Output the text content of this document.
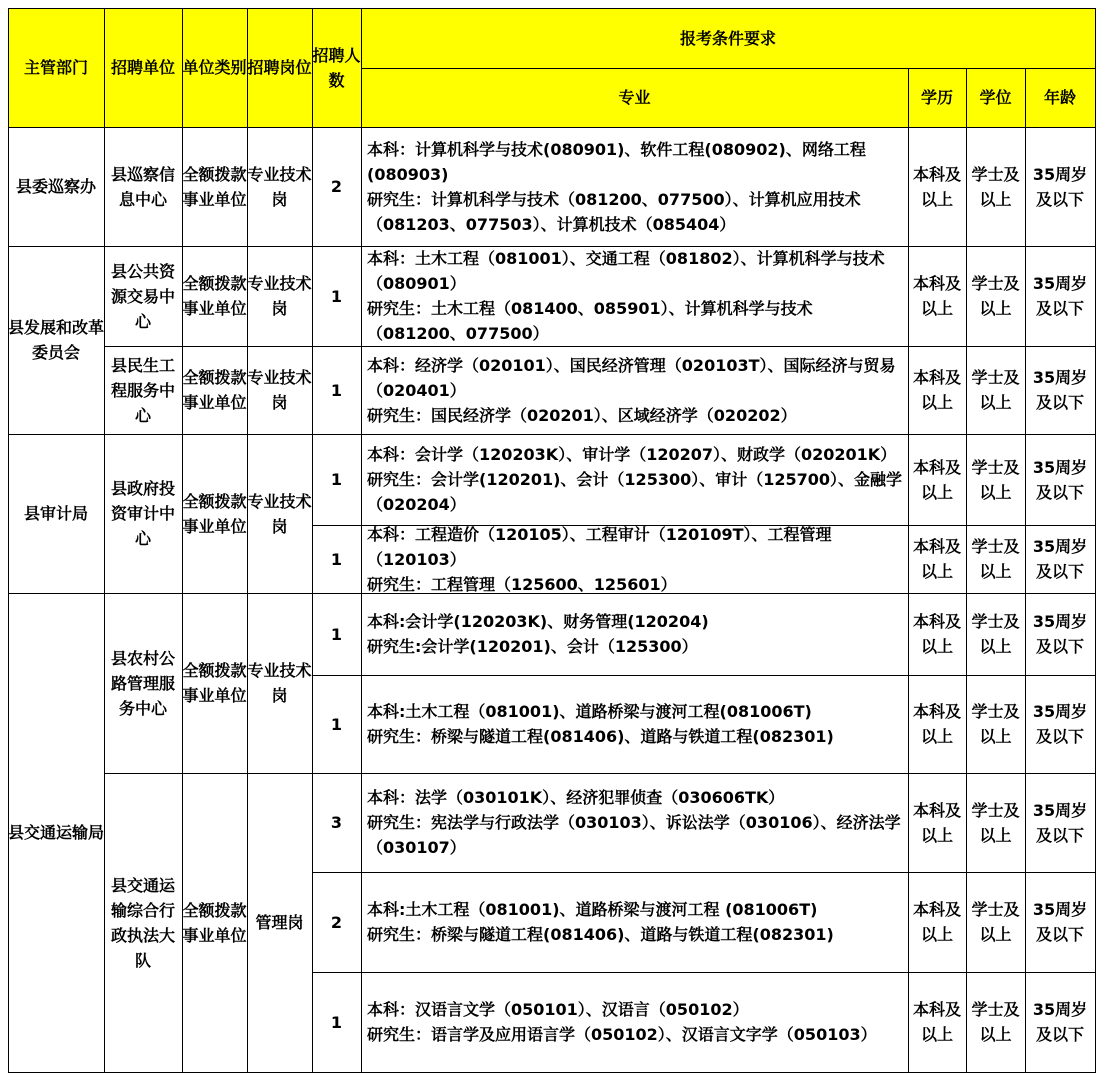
主管部门 招聘单位 单位类别 招聘岗位
招聘人数
报考条件要求
专业	学历 学位 年龄
县委巡察办
县发展和改革委员会
县审计局
县交通运输局
县巡察信息中心
县公共资源交易中心
县民生工程服务中心
县政府投资审计中心
县农村公路管理服务中心
县交通运输综合行政执法大队
全额拨款事业单位
全额拨款事业单位
全额拨款事业单位
全额拨款事业单位
全额拨款事业单位
全额拨款事业单位
专业技术岗
专业技术岗
专业技术岗
专业技术岗
专业技术岗
管理岗
2
本科：计算机科学与技术(080901)、软件工程(080902)、网络工程(080903)
研究生：计算机科学与技术（081200、077500）、计算机应用技术（081203、077503）、计算机技术（085404）
本科及以上
学士及以上
35周岁及以下
1
本科：土木工程（081001）、交通工程（081802）、计算机科学与技术（080901）
研究生：土木工程（081400、085901）、计算机科学与技术（081200、077500）
本科及以上
学士及以上
35周岁及以下
1
本科：经济学（020101）、国民经济管理（020103T）、国际经济与贸易（020401）
研究生：国民经济学（020201）、区域经济学（020202）
本科及以上
学士及以上
35周岁及以下
1
本科：会计学（120203K）、审计学（120207）、财政学（020201K）
研究生：会计学(120201)、会计（125300）、审计（125700）、金融学（020204）
本科及以上
学士及以上
35周岁及以下
1
本科：工程造价（120105）、工程审计（120109T）、工程管理（120103）
研究生：工程管理（125600、125601）
本科及以上
学士及以上
35周岁及以下
1
本科:会计学(120203K)、财务管理(120204)
研究生:会计学(120201)、会计（125300）
本科及以上
学士及以上
35周岁及以下
1
本科:土木工程（081001)、道路桥梁与渡河工程(081006T)
研究生：桥梁与隧道工程(081406)、道路与铁道工程(082301)
本科及以上
学士及以上
35周岁及以下
3
本科：法学（030101K）、经济犯罪侦查（030606TK）
研究生：宪法学与行政法学（030103）、诉讼法学（030106）、经济法学（030107）
本科及以上
学士及以上
35周岁及以下
2
本科:土木工程（081001)、道路桥梁与渡河工程 (081006T)
研究生：桥梁与隧道工程(081406)、道路与铁道工程(082301)
本科及以上
学士及以上
35周岁及以下
1
本科：汉语言文学（050101）、汉语言（050102）
研究生：语言学及应用语言学（050102）、汉语言文字学（050103）
本科及以上
学士及以上
35周岁及以下
